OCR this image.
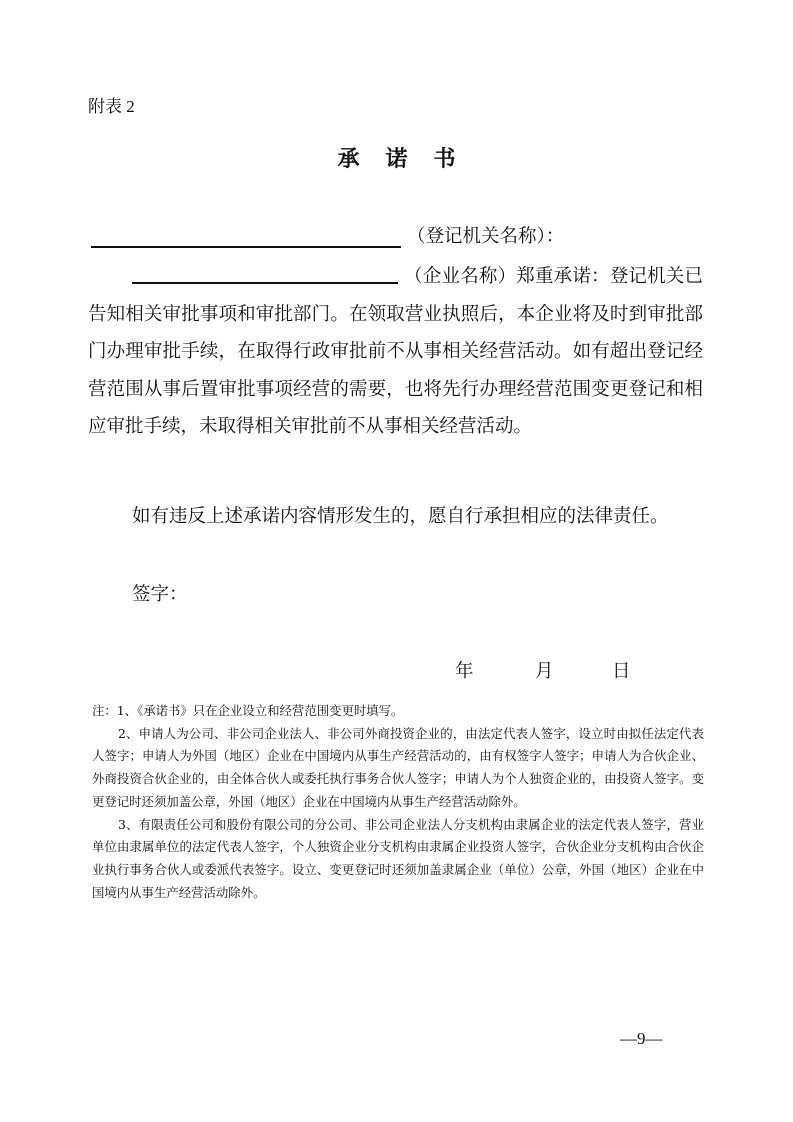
附表 2
承诺书
（登记机关名称）：
（企业名称）郑重承诺：登记机关已告知相关审批事项和审批部门。在领取营业执照后，本企业将及时到审批部门办理审批手续，在取得行政审批前不从事相关经营活动。如有超出登记经营范围从事后置审批事项经营的需要，也将先行办理经营范围变更登记和相应审批手续，未取得相关审批前不从事相关经营活动。
如有违反上述承诺内容情形发生的，愿自行承担相应的法律责任。
签字：
年	月	日

注：1、《承诺书》只在企业设立和经营范围变更时填写。

2、申请人为公司、非公司企业法人、非公司外商投资企业的，由法定代表人签字，设立时由拟任法定代表人签字；申请人为外国（地区）企业在中国境内从事生产经营活动的，由有权签字人签字；申请人为合伙企业、外商投资合伙企业的，由全体合伙人或委托执行事务合伙人签字；申请人为个人独资企业的，由投资人签字。变更登记时还须加盖公章，外国（地区）企业在中国境内从事生产经营活动除外。

3、有限责任公司和股份有限公司的分公司、非公司企业法人分支机构由隶属企业的法定代表人签字，营业单位由隶属单位的法定代表人签字，个人独资企业分支机构由隶属企业投资人签字，合伙企业分支机构由合伙企业执行事务合伙人或委派代表签字。设立、变更登记时还须加盖隶属企业（单位）公章，外国（地区）企业在中国境内从事生产经营活动除外。

—9—
